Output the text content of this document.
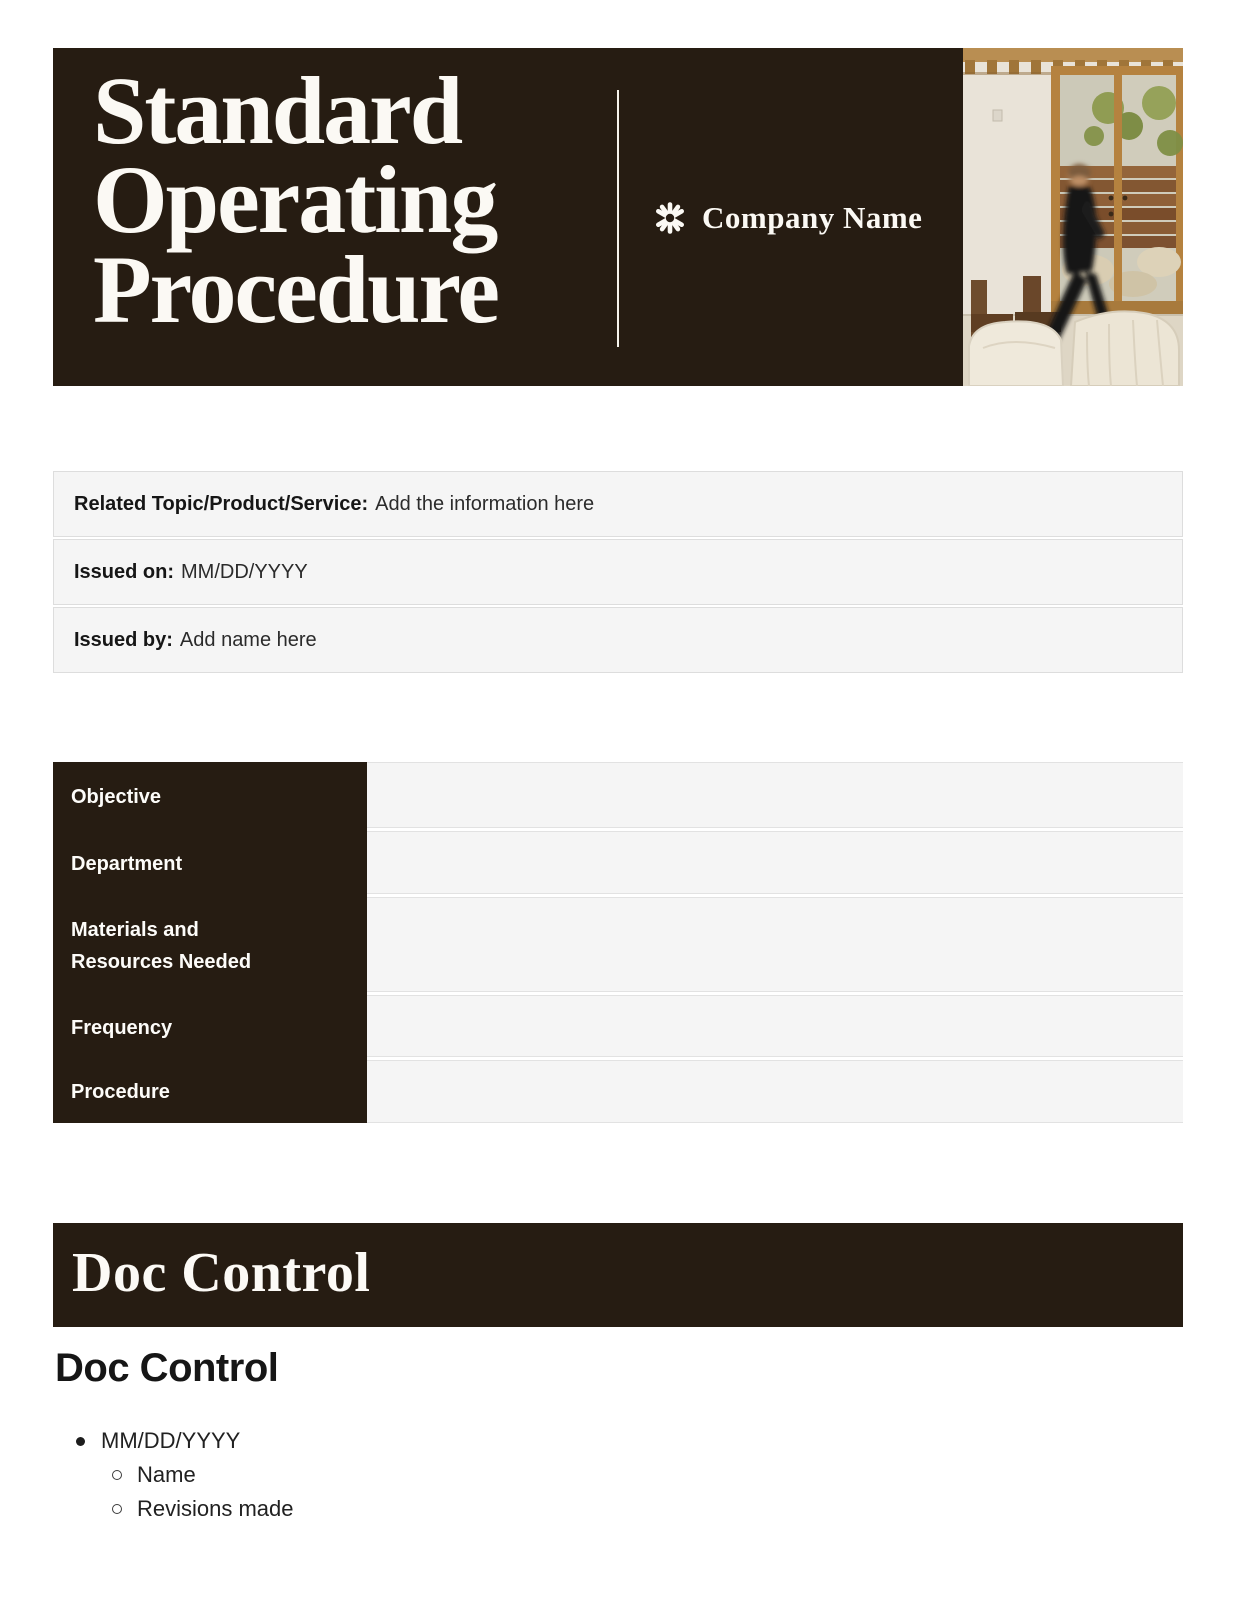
Standard
Operating
Procedure
Company Name
Related Topic/Product/Service: Add the information here
Issued on: MM/DD/YYYY
Issued by: Add name here
Objective
Department
Materials and Resources Needed
Frequency
Procedure
Doc Control
Doc Control
MM/DD/YYYY
Name
Revisions made
